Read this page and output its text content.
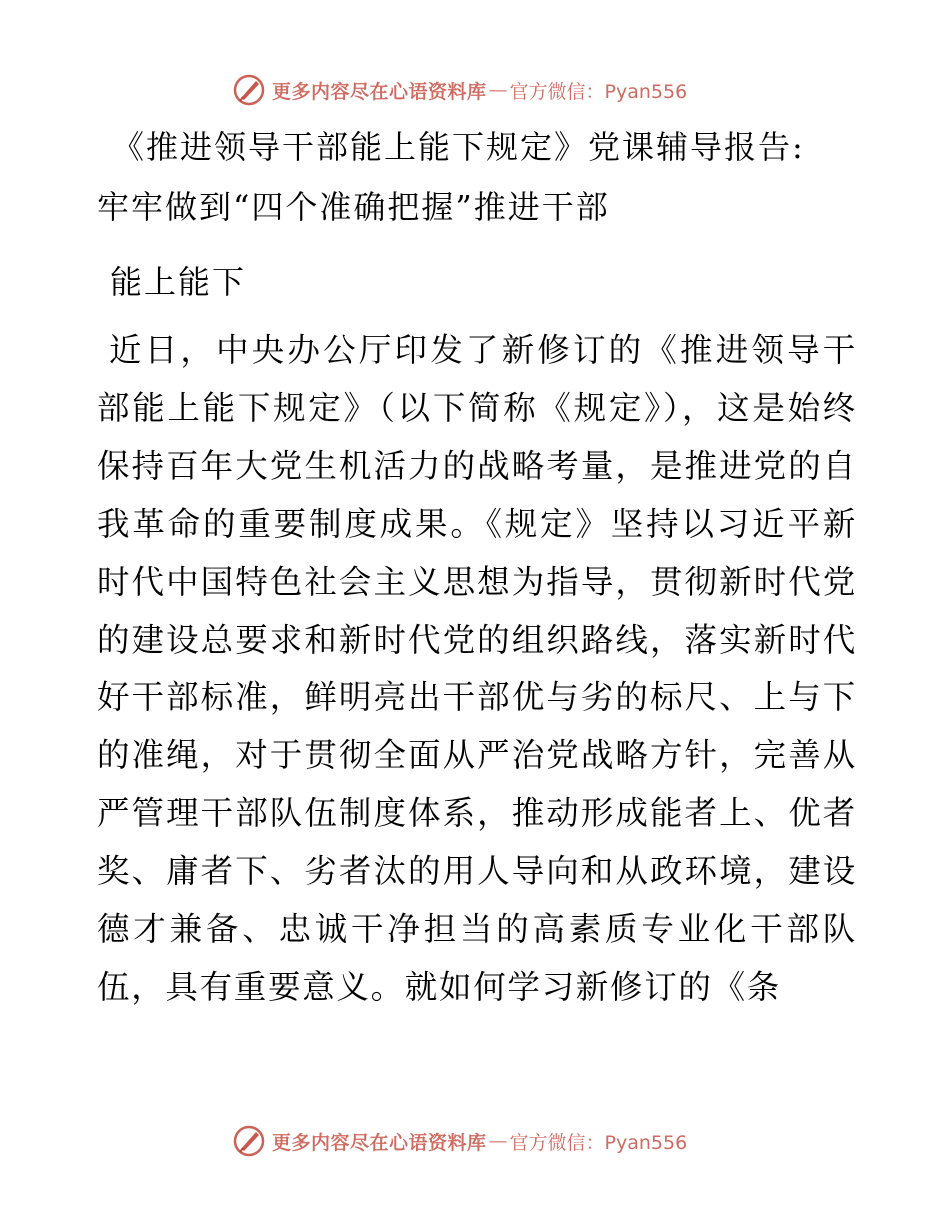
更多内容尽在心语资料库 — 官方微信：Pyan556
《推进领导干部能上能下规定》党课辅导报告:
牢牢做到“四个准确把握”推进干部
能上能下

近日，中央办公厅印发了新修订的《推进领导干部能上能下规定》（以下简称《规定》），这是始终保持百年大党生机活力的战略考量，是推进党的自我革命的重要制度成果。《规定》坚持以习近平新时代中国特色社会主义思想为指导，贯彻新时代党的建设总要求和新时代党的组织路线，落实新时代好干部标准，鲜明亮出干部优与劣的标尺、上与下的准绳，对于贯彻全面从严治党战略方针，完善从严管理干部队伍制度体系，推动形成能者上、优者奖、庸者下、劣者汰的用人导向和从政环境，建设德才兼备、忠诚干净担当的高素质专业化干部队伍，具有重要意义。就如何学习新修订的《条

更多内容尽在心语资料库 — 官方微信：Pyan556
